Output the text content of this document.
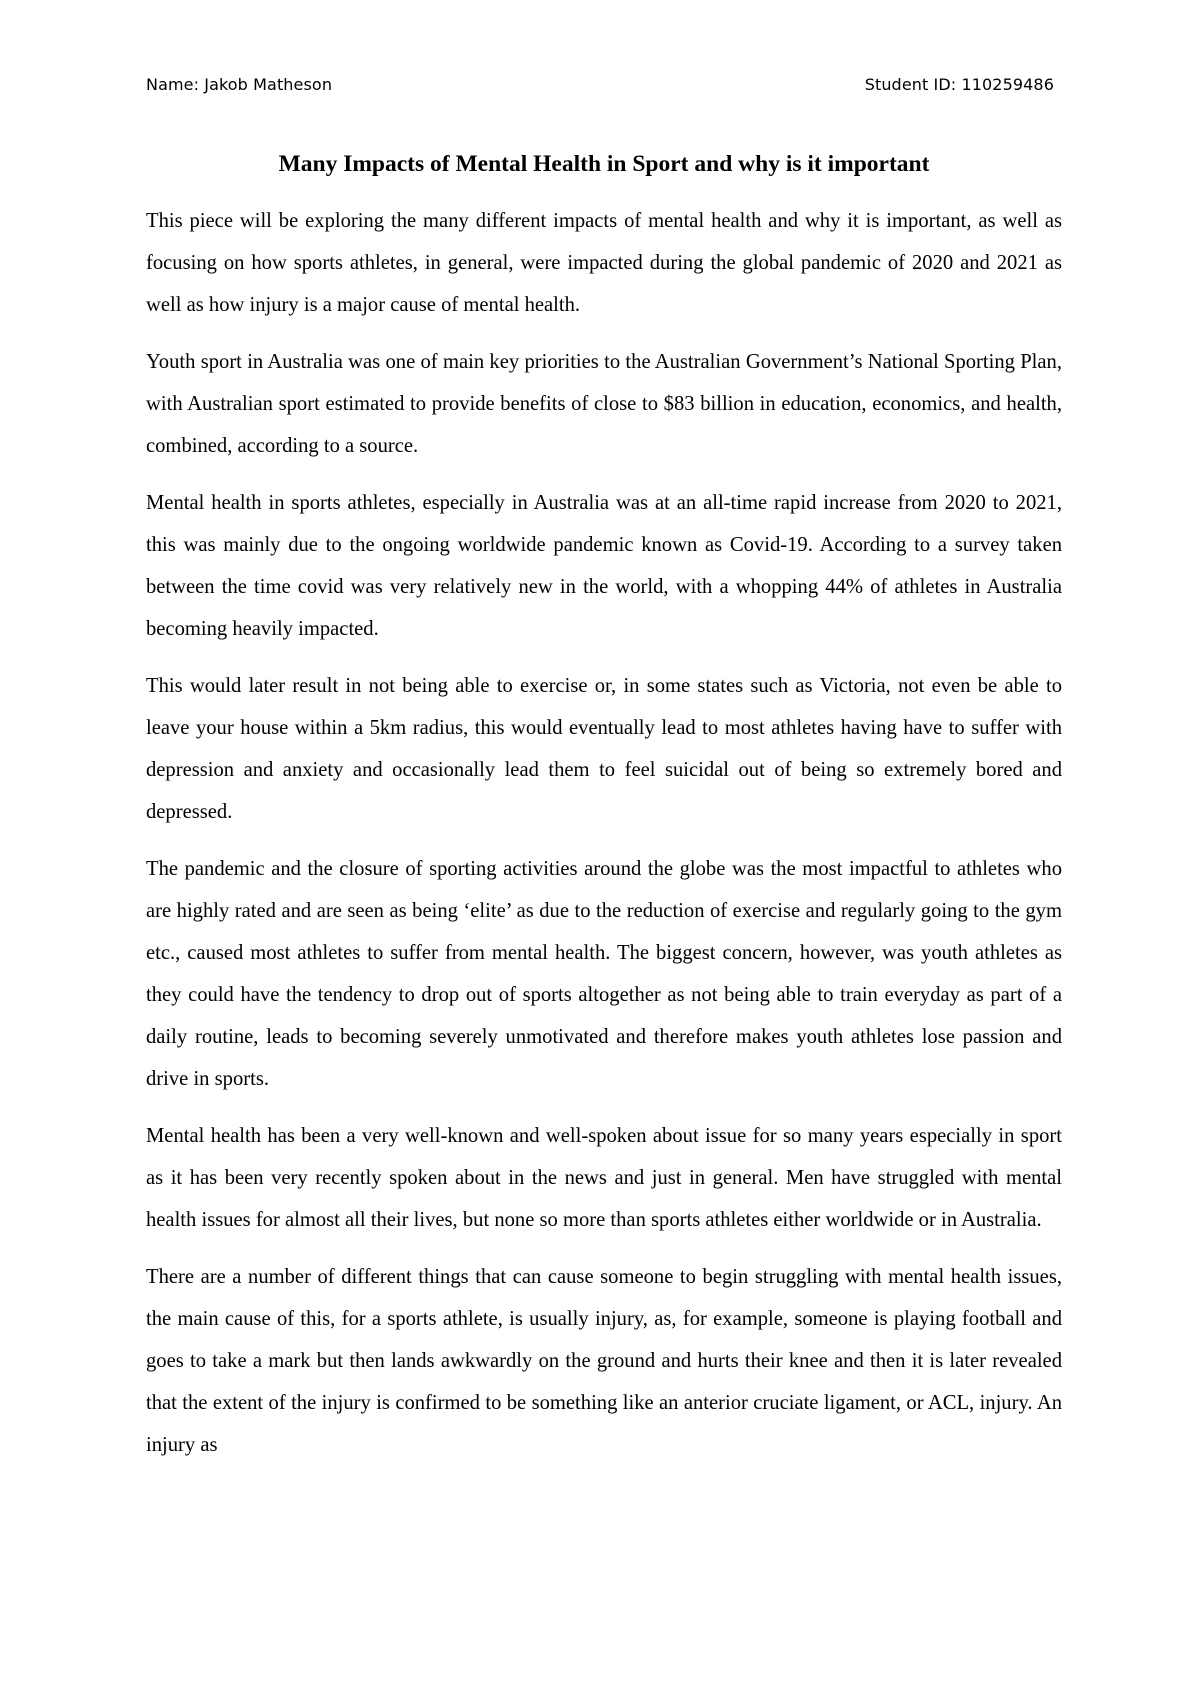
Name: Jakob Matheson	Student ID: 110259486
Many Impacts of Mental Health in Sport and why is it important

This piece will be exploring the many different impacts of mental health and why it is important, as well as focusing on how sports athletes, in general, were impacted during the global pandemic of 2020 and 2021 as well as how injury is a major cause of mental health.

Youth sport in Australia was one of main key priorities to the Australian Government’s National Sporting Plan, with Australian sport estimated to provide benefits of close to $83 billion in education, economics, and health, combined, according to a source.

Mental health in sports athletes, especially in Australia was at an all-time rapid increase from 2020 to 2021, this was mainly due to the ongoing worldwide pandemic known as Covid-19. According to a survey taken between the time covid was very relatively new in the world, with a whopping 44% of athletes in Australia becoming heavily impacted.

This would later result in not being able to exercise or, in some states such as Victoria, not even be able to leave your house within a 5km radius, this would eventually lead to most athletes having have to suffer with depression and anxiety and occasionally lead them to feel suicidal out of being so extremely bored and depressed.

The pandemic and the closure of sporting activities around the globe was the most impactful to athletes who are highly rated and are seen as being ‘elite’ as due to the reduction of exercise and regularly going to the gym etc., caused most athletes to suffer from mental health. The biggest concern, however, was youth athletes as they could have the tendency to drop out of sports altogether as not being able to train everyday as part of a daily routine, leads to becoming severely unmotivated and therefore makes youth athletes lose passion and drive in sports.

Mental health has been a very well-known and well-spoken about issue for so many years especially in sport as it has been very recently spoken about in the news and just in general. Men have struggled with mental health issues for almost all their lives, but none so more than sports athletes either worldwide or in Australia.

There are a number of different things that can cause someone to begin struggling with mental health issues, the main cause of this, for a sports athlete, is usually injury, as, for example, someone is playing football and goes to take a mark but then lands awkwardly on the ground and hurts their knee and then it is later revealed that the extent of the injury is confirmed to be something like an anterior cruciate ligament, or ACL, injury. An injury as
